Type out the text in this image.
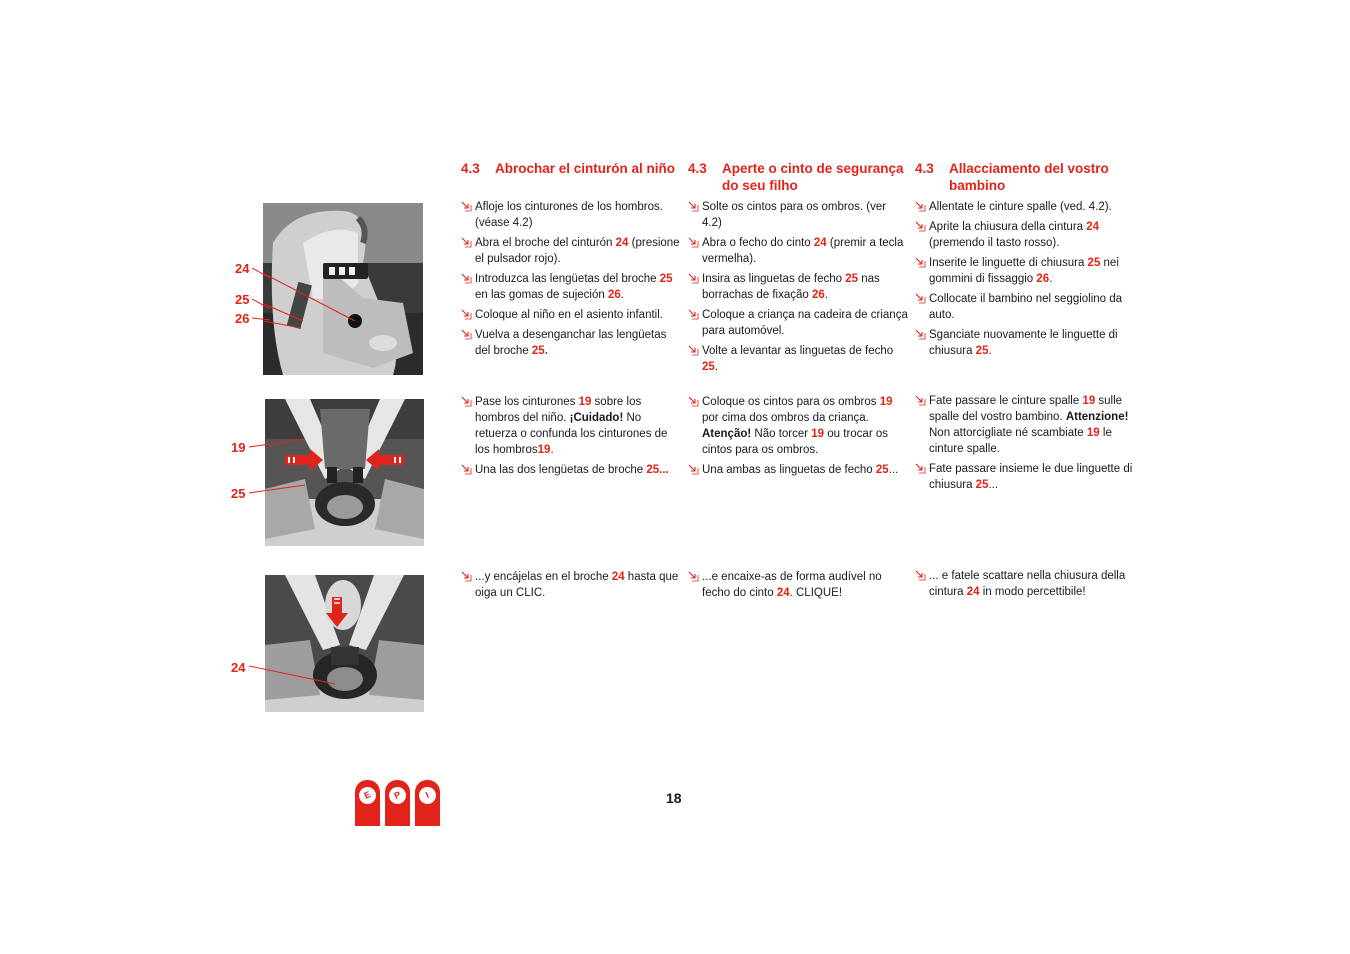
24
25
26
19
25
24
4.3 Abrochar el cinturón al niño
Afloje los cinturones de los hombros. (véase 4.2)
Abra el broche del cinturón 24 (presione el pulsador rojo).
Introduzca las lengüetas del broche 25 en las gomas de sujeción 26.
Coloque al niño en el asiento infantil.
Vuelva a desenganchar las lengüetas del broche 25.
Pase los cinturones 19 sobre los hombros del niño. ¡Cuidado! No retuerza o confunda los cinturones de los hombros19.
Una las dos lengüetas de broche 25...
...y encájelas en el broche 24 hasta que oiga un CLIC.
4.3 Aperte o cinto de segurança do seu filho
Solte os cintos para os ombros. (ver 4.2)
Abra o fecho do cinto 24 (premir a tecla vermelha).
Insira as linguetas de fecho 25 nas borrachas de fixação 26.
Coloque a criança na cadeira de criança para automóvel.
Volte a levantar as linguetas de fecho 25.
Coloque os cintos para os ombros 19 por cima dos ombros da criança. Atenção! Não torcer 19 ou trocar os cintos para os ombros.
Una ambas as linguetas de fecho 25...
...e encaixe-as de forma audível no fecho do cinto 24. CLIQUE!
4.3 Allacciamento del vostro bambino
Allentate le cinture spalle (ved. 4.2).
Aprite la chiusura della cintura 24 (premendo il tasto rosso).
Inserite le linguette di chiusura 25 nei gommini di fissaggio 26.
Collocate il bambino nel seggiolino da auto.
Sganciate nuovamente le linguette di chiusura 25.
Fate passare le cinture spalle 19 sulle spalle del vostro bambino. Attenzione! Non attorcigliate né scambiate 19 le cinture spalle.
Fate passare insieme le due linguette di chiusura 25...
... e fatele scattare nella chiusura della cintura 24 in modo percettibile!
E	P	I	18
